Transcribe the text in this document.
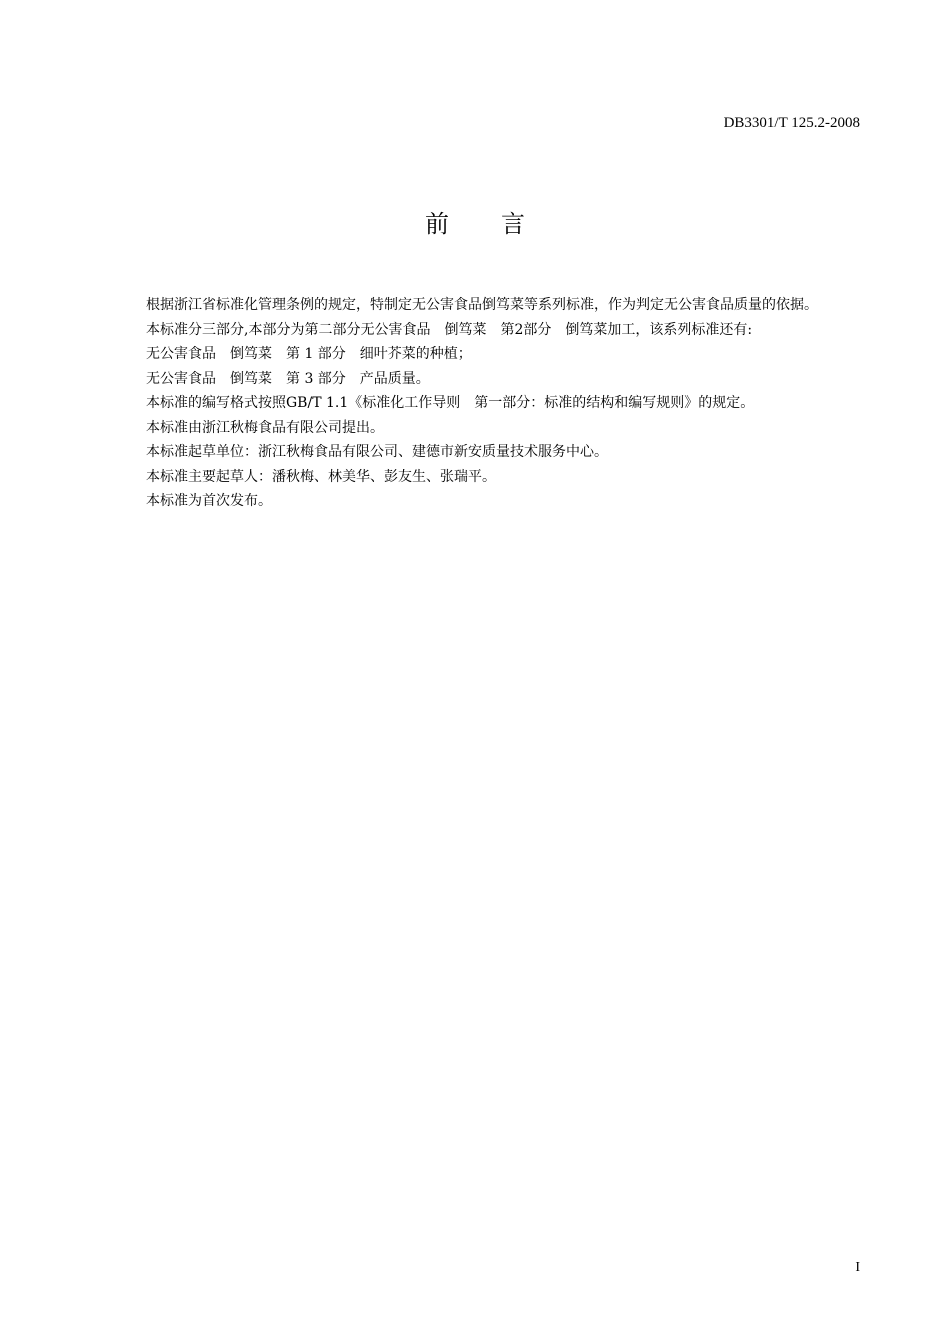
DB3301/T 125.2-2008
前言

根据浙江省标准化管理条例的规定，特制定无公害食品倒笃菜等系列标准，作为判定无公害食品质量的依据。

本标准分三部分,本部分为第二部分无公害食品　倒笃菜　第2部分　倒笃菜加工，该系列标准还有:

无公害食品　倒笃菜　第 1 部分　细叶芥菜的种植；

无公害食品　倒笃菜　第 3 部分　产品质量。

本标准的编写格式按照GB/T 1.1《标准化工作导则　第一部分：标准的结构和编写规则》的规定。

本标准由浙江秋梅食品有限公司提出。

本标准起草单位：浙江秋梅食品有限公司、建德市新安质量技术服务中心。

本标准主要起草人：潘秋梅、林美华、彭友生、张瑞平。

本标准为首次发布。

I
